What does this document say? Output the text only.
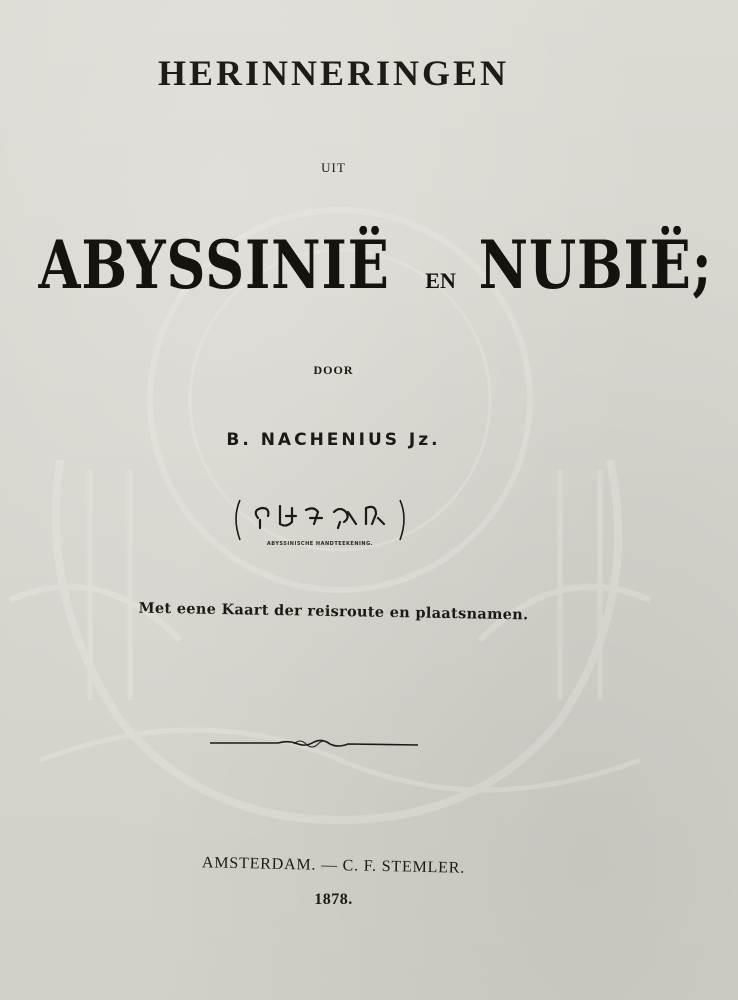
HERINNERINGEN
UIT
ABYSSINIË EN NUBIË;
DOOR
B. NACHENIUS Jz.
ABYSSINISCHE HANDTEEKENING.
Met eene Kaart der reisroute en plaatsnamen.
AMSTERDAM. — C. F. STEMLER.
1878.
